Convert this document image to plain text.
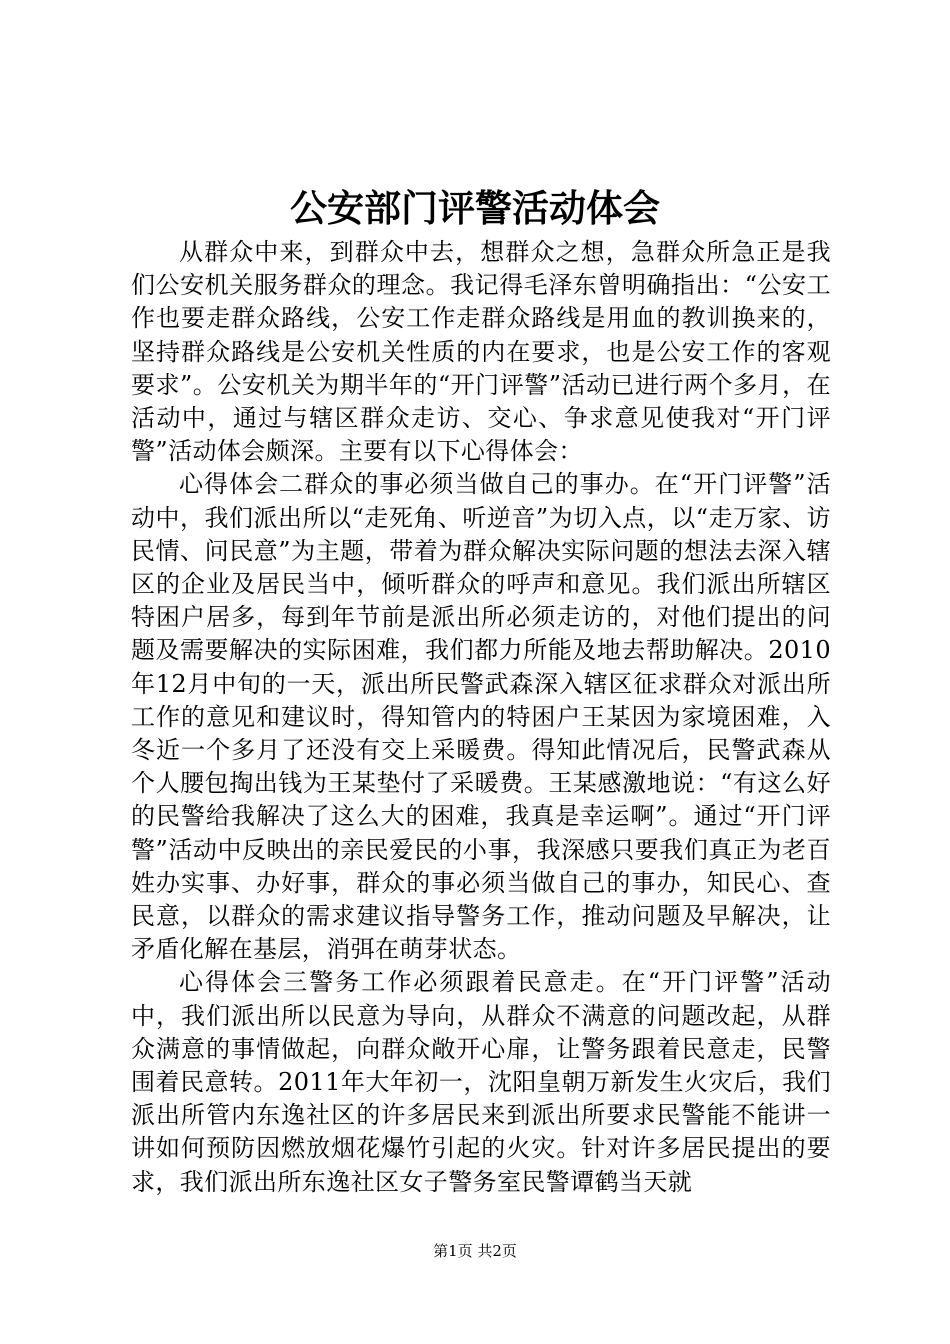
公安部门评警活动体会

从群众中来，到群众中去，想群众之想，急群众所急正是我们公安机关服务群众的理念。我记得毛泽东曾明确指出：“公安工作也要走群众路线，公安工作走群众路线是用血的教训换来的，坚持群众路线是公安机关性质的内在要求，也是公安工作的客观要求”。公安机关为期半年的“开门评警”活动已进行两个多月，在活动中，通过与辖区群众走访、交心、争求意见使我对“开门评警”活动体会颇深。主要有以下心得体会：

心得体会二群众的事必须当做自己的事办。在“开门评警”活动中，我们派出所以“走死角、听逆音”为切入点，以“走万家、访民情、问民意”为主题，带着为群众解决实际问题的想法去深入辖区的企业及居民当中，倾听群众的呼声和意见。我们派出所辖区特困户居多，每到年节前是派出所必须走访的，对他们提出的问题及需要解决的实际困难，我们都力所能及地去帮助解决。2010年12月中旬的一天，派出所民警武森深入辖区征求群众对派出所工作的意见和建议时，得知管内的特困户王某因为家境困难，入冬近一个多月了还没有交上采暖费。得知此情况后，民警武森从个人腰包掏出钱为王某垫付了采暖费。王某感激地说：“有这么好的民警给我解决了这么大的困难，我真是幸运啊”。通过“开门评警”活动中反映出的亲民爱民的小事，我深感只要我们真正为老百姓办实事、办好事，群众的事必须当做自己的事办，知民心、查民意，以群众的需求建议指导警务工作，推动问题及早解决，让矛盾化解在基层，消弭在萌芽状态。

心得体会三警务工作必须跟着民意走。在“开门评警”活动中，我们派出所以民意为导向，从群众不满意的问题改起，从群众满意的事情做起，向群众敞开心扉，让警务跟着民意走，民警围着民意转。2011年大年初一，沈阳皇朝万新发生火灾后，我们派出所管内东逸社区的许多居民来到派出所要求民警能不能讲一讲如何预防因燃放烟花爆竹引起的火灾。针对许多居民提出的要求，我们派出所东逸社区女子警务室民警谭鹤当天就

第1页 共2页
